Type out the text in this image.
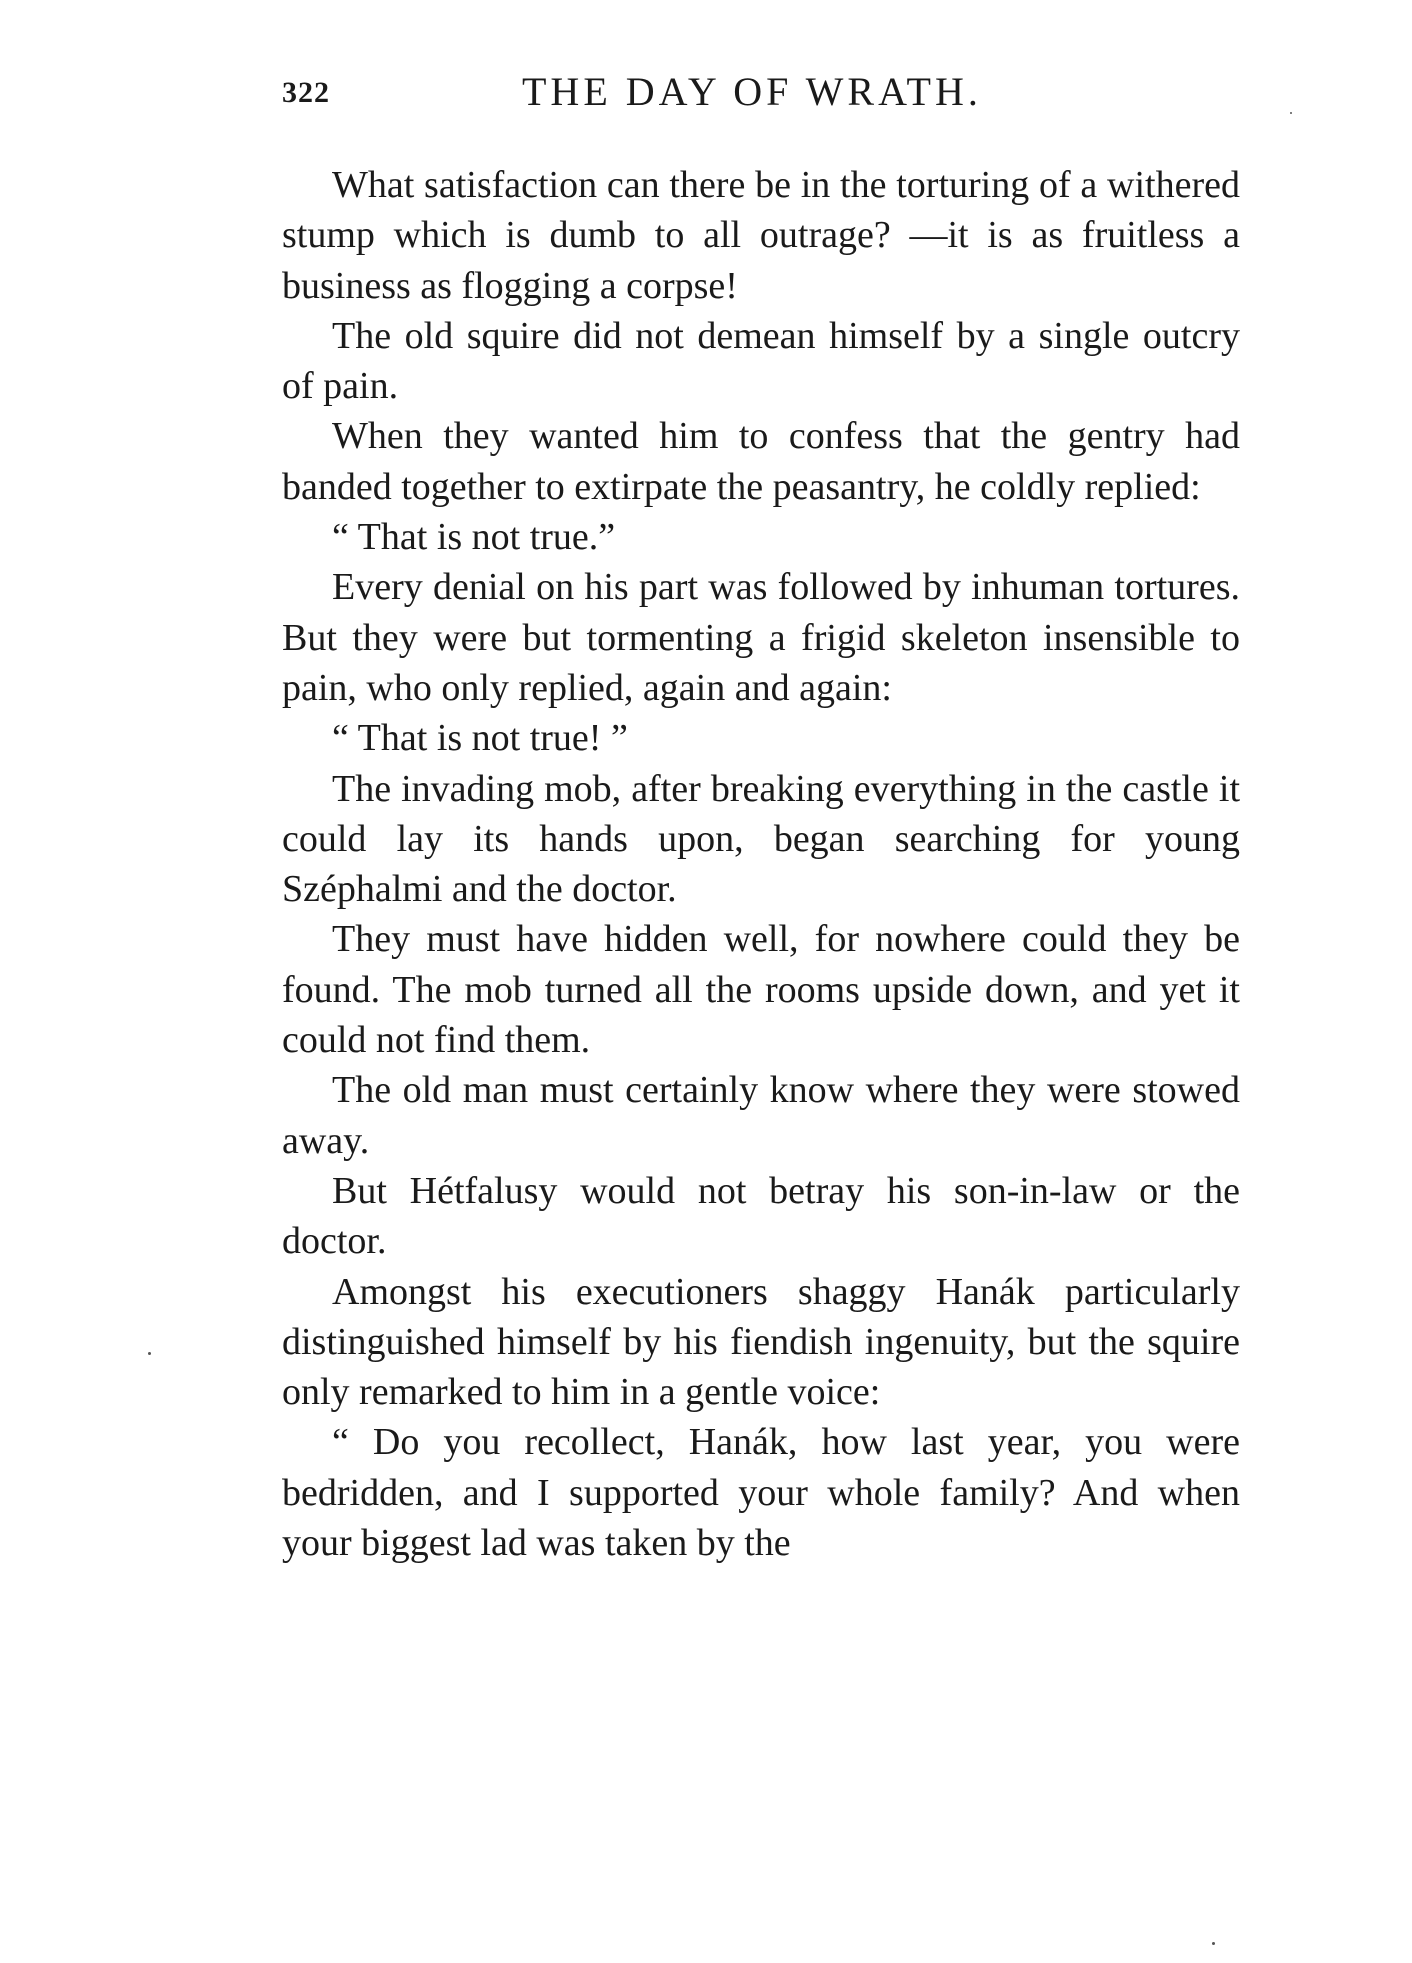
322	THE DAY OF WRATH.

What satisfaction can there be in the torturing of a withered stump which is dumb to all outrage? —it is as fruitless a business as flogging a corpse!

The old squire did not demean himself by a single outcry of pain.

When they wanted him to confess that the gentry had banded together to extirpate the peasantry, he coldly replied:

“ That is not true.”

Every denial on his part was followed by inhuman tortures. But they were but tormenting a frigid skeleton insensible to pain, who only replied, again and again:

“ That is not true! ”

The invading mob, after breaking everything in the castle it could lay its hands upon, began searching for young Széphalmi and the doctor.

They must have hidden well, for nowhere could they be found. The mob turned all the rooms upside down, and yet it could not find them.

The old man must certainly know where they were stowed away.

But Hétfalusy would not betray his son-in-law or the doctor.

Amongst his executioners shaggy Hanák particularly distinguished himself by his fiendish ingenuity, but the squire only remarked to him in a gentle voice:

“ Do you recollect, Hanák, how last year, you were bedridden, and I supported your whole family? And when your biggest lad was taken by the
